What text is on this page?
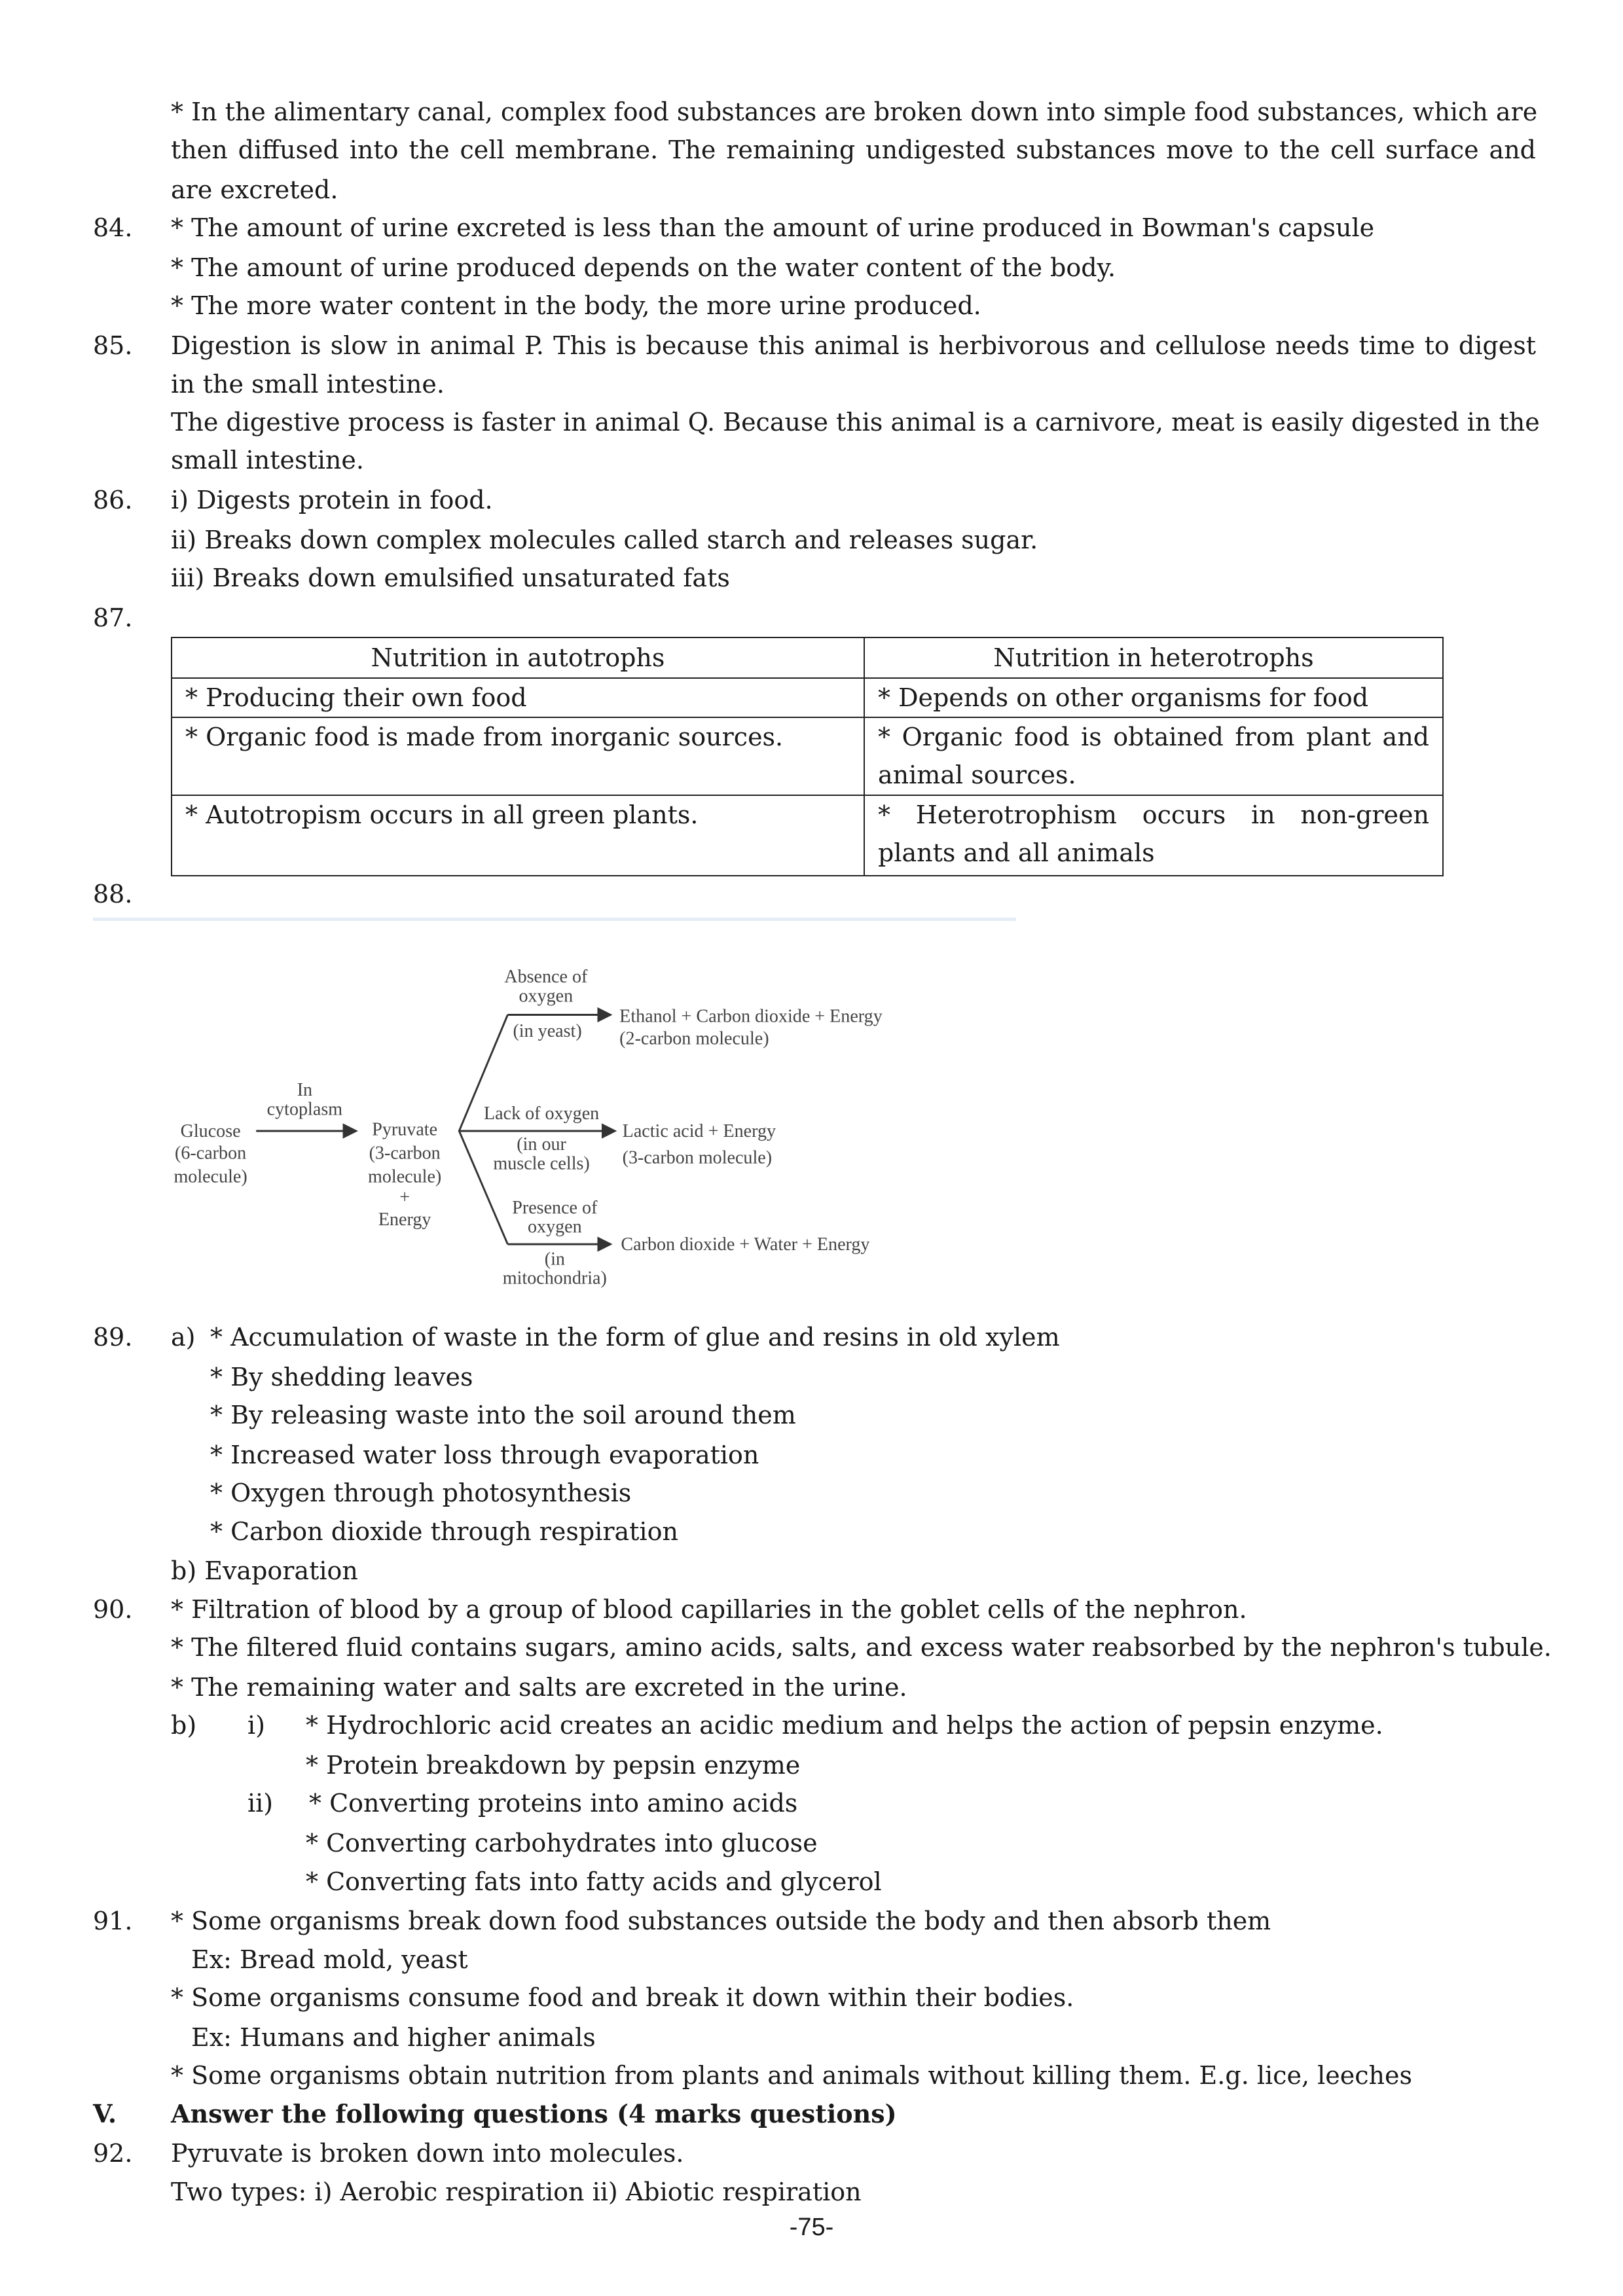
* In the alimentary canal, complex food substances are broken down into simple food substances, which are
then diffused into the cell membrane. The remaining undigested substances move to the cell surface and
are excreted.
84. * The amount of urine excreted is less than the amount of urine produced in Bowman's capsule
* The amount of urine produced depends on the water content of the body.
* The more water content in the body, the more urine produced.
85. Digestion is slow in animal P. This is because this animal is herbivorous and cellulose needs time to digest
in the small intestine.
The digestive process is faster in animal Q. Because this animal is a carnivore, meat is easily digested in the
small intestine.
86. i) Digests protein in food.
ii) Breaks down complex molecules called starch and releases sugar.
iii) Breaks down emulsified unsaturated fats
87.
Nutrition in autotrophs	Nutrition in heterotrophs
* Producing their own food	* Depends on other organisms for food
* Organic food is made from inorganic sources.	* Organic food is obtained from plant and animal sources.
* Autotropism occurs in all green plants.	* Heterotrophism occurs in non-green plants and all animals
88.
Glucose
(6-carbon
molecule)
In
cytoplasm
Pyruvate
(3-carbon
molecule)
+
Energy
Absence of
oxygen
(in yeast)
Lack of oxygen
(in our
muscle cells)
Presence of
oxygen
(in
mitochondria)
Ethanol + Carbon dioxide + Energy
(2-carbon molecule)
Lactic acid + Energy
(3-carbon molecule)
Carbon dioxide + Water + Energy
89. a) * Accumulation of waste in the form of glue and resins in old xylem
* By shedding leaves
* By releasing waste into the soil around them
* Increased water loss through evaporation
* Oxygen through photosynthesis
* Carbon dioxide through respiration
b) Evaporation
90. * Filtration of blood by a group of blood capillaries in the goblet cells of the nephron.
* The filtered fluid contains sugars, amino acids, salts, and excess water reabsorbed by the nephron's tubule.
* The remaining water and salts are excreted in the urine.
b) i) * Hydrochloric acid creates an acidic medium and helps the action of pepsin enzyme.
* Protein breakdown by pepsin enzyme
ii) * Converting proteins into amino acids
* Converting carbohydrates into glucose
* Converting fats into fatty acids and glycerol
91. * Some organisms break down food substances outside the body and then absorb them
Ex: Bread mold, yeast
* Some organisms consume food and break it down within their bodies.
Ex: Humans and higher animals
* Some organisms obtain nutrition from plants and animals without killing them. E.g. lice, leeches
V. Answer the following questions (4 marks questions)
92. Pyruvate is broken down into molecules.
Two types: i) Aerobic respiration ii) Abiotic respiration
-75-
